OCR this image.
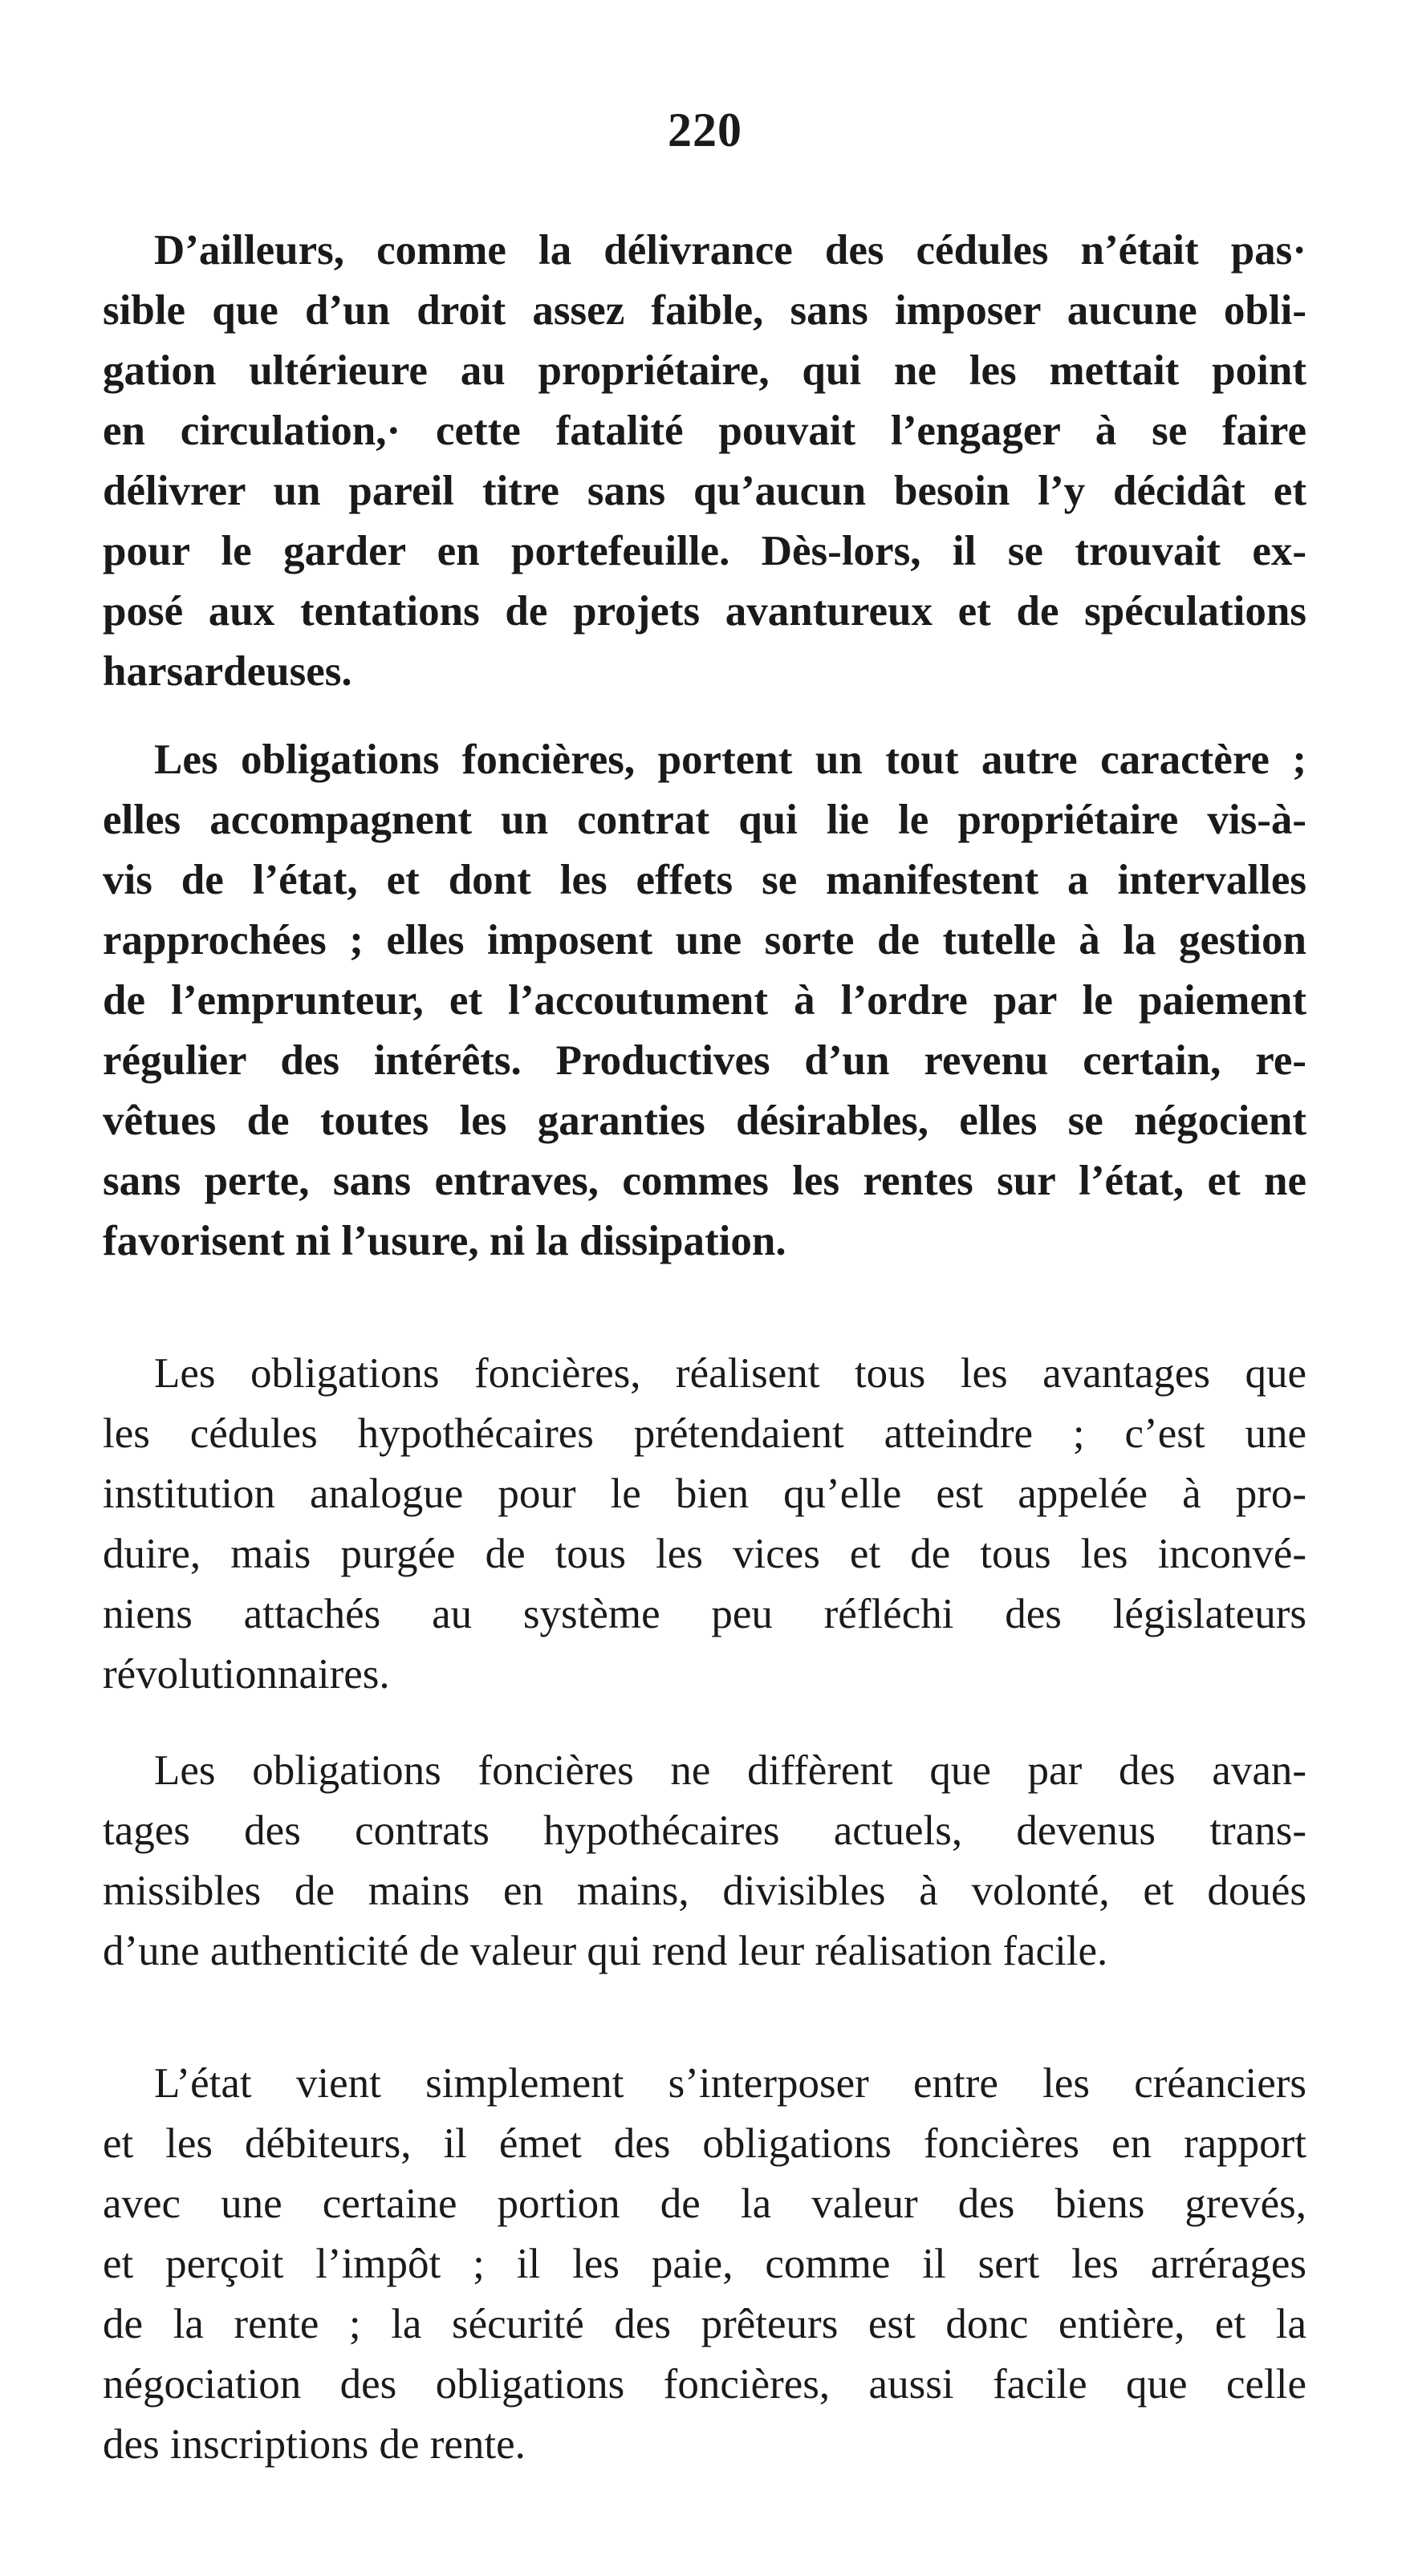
220
D’ailleurs, comme la délivrance des cédules n’était pas·
sible que d’un droit assez faible, sans imposer aucune obli-
gation ultérieure au propriétaire, qui ne les mettait point
en circulation,· cette fatalité pouvait l’engager à se faire
délivrer un pareil titre sans qu’aucun besoin l’y décidât et
pour le garder en portefeuille. Dès-lors, il se trouvait ex-
posé aux tentations de projets avantureux et de spéculations
harsardeuses.
Les obligations foncières, portent un tout autre caractère ;
elles accompagnent un contrat qui lie le propriétaire vis-à-
vis de l’état, et dont les effets se manifestent a intervalles
rapprochées ; elles imposent une sorte de tutelle à la gestion
de l’emprunteur, et l’accoutument à l’ordre par le paiement
régulier des intérêts. Productives d’un revenu certain, re-
vêtues de toutes les garanties désirables, elles se négocient
sans perte, sans entraves, commes les rentes sur l’état, et ne
favorisent ni l’usure, ni la dissipation.
Les obligations foncières, réalisent tous les avantages que
les cédules hypothécaires prétendaient atteindre ; c’est une
institution analogue pour le bien qu’elle est appelée à pro-
duire, mais purgée de tous les vices et de tous les inconvé-
niens attachés au système peu réfléchi des législateurs
révolutionnaires.
Les obligations foncières ne diffèrent que par des avan-
tages des contrats hypothécaires actuels, devenus trans-
missibles de mains en mains, divisibles à volonté, et doués
d’une authenticité de valeur qui rend leur réalisation facile.
L’état vient simplement s’interposer entre les créanciers
et les débiteurs, il émet des obligations foncières en rapport
avec une certaine portion de la valeur des biens grevés,
et perçoit l’impôt ; il les paie, comme il sert les arrérages
de la rente ; la sécurité des prêteurs est donc entière, et la
négociation des obligations foncières, aussi facile que celle
des inscriptions de rente.
